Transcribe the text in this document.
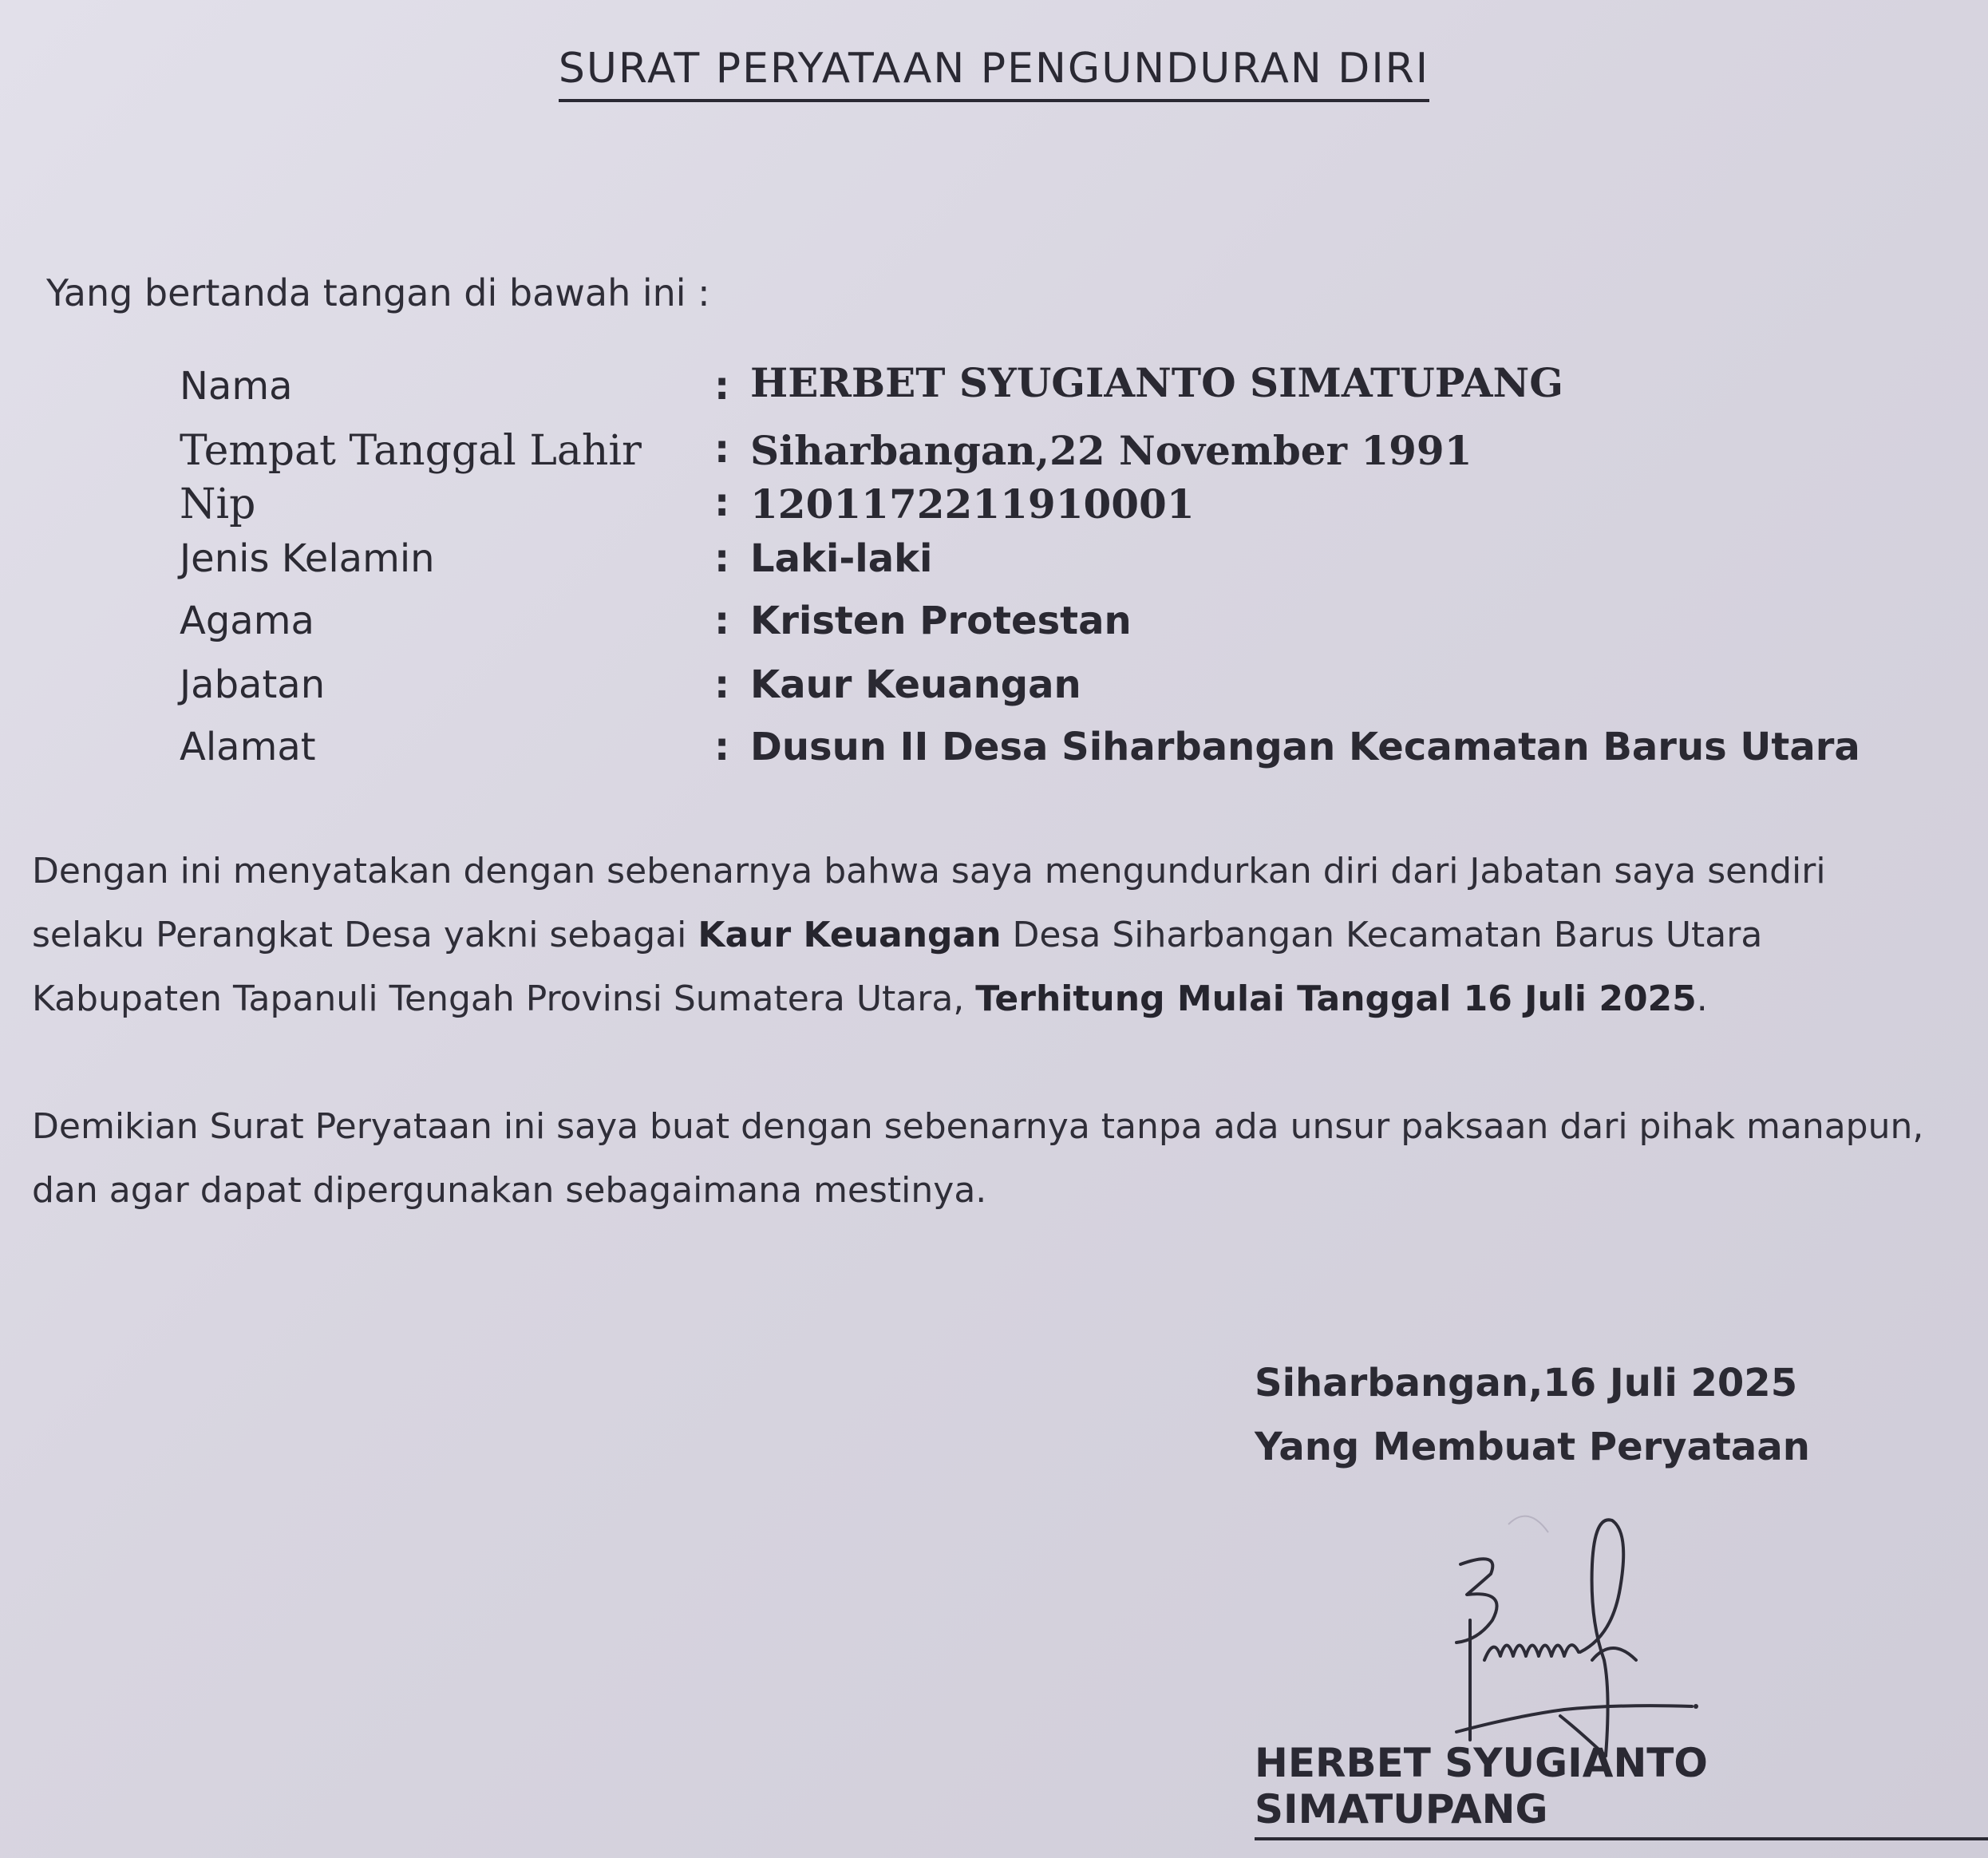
SURAT PERYATAAN PENGUNDURAN DIRI
Yang bertanda tangan di bawah ini :
Nama	: HERBET SYUGIANTO SIMATUPANG
Tempat Tanggal Lahir : Siharbangan,22 November 1991
Nip	: 1201172211910001
Jenis Kelamin	: Laki-laki
Agama	: Kristen Protestan
Jabatan	: Kaur Keuangan
Alamat	: Dusun II Desa Siharbangan Kecamatan Barus Utara
Dengan ini menyatakan dengan sebenarnya bahwa saya mengundurkan diri dari Jabatan saya sendiri selaku Perangkat Desa yakni sebagai Kaur Keuangan Desa Siharbangan Kecamatan Barus Utara Kabupaten Tapanuli Tengah Provinsi Sumatera Utara, Terhitung Mulai Tanggal 16 Juli 2025.
Demikian Surat Peryataan ini saya buat dengan sebenarnya tanpa ada unsur paksaan dari pihak manapun, dan agar dapat dipergunakan sebagaimana mestinya.
Siharbangan,16 Juli 2025
Yang Membuat Peryataan
HERBET SYUGIANTO SIMATUPANG
